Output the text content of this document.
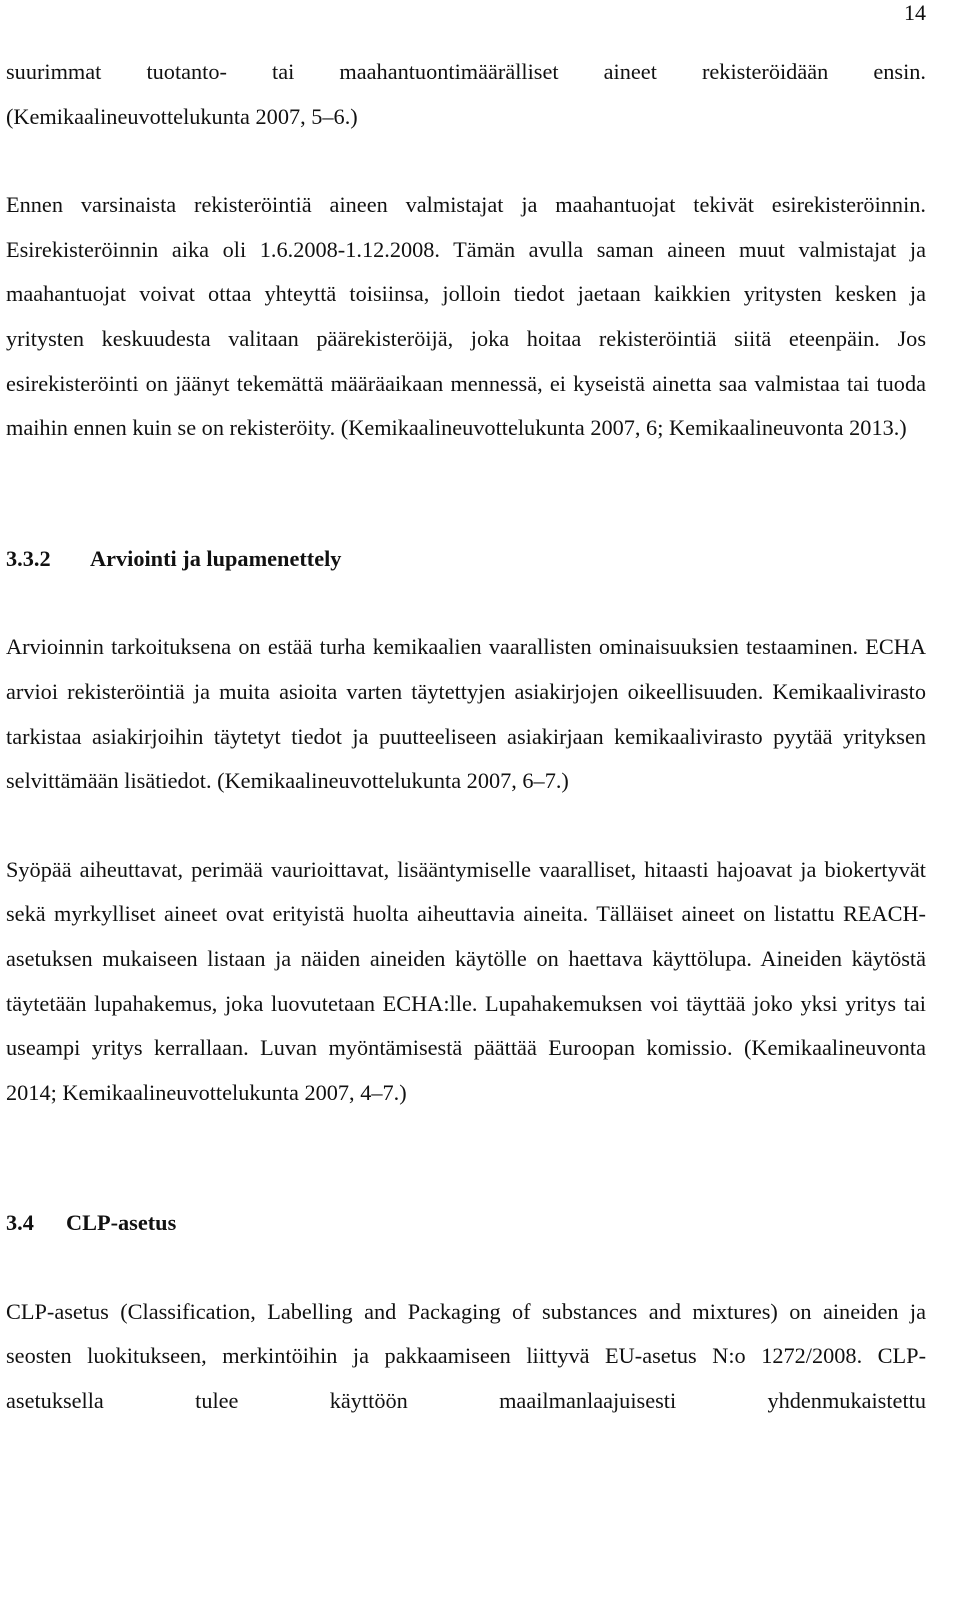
14

suurimmat tuotanto- tai maahantuontimäärälliset aineet rekisteröidään ensin. (Kemikaalineuvottelukunta 2007, 5–6.)

Ennen varsinaista rekisteröintiä aineen valmistajat ja maahantuojat tekivät esirekisteröinnin. Esirekisteröinnin aika oli 1.6.2008-1.12.2008. Tämän avulla saman aineen muut valmistajat ja maahantuojat voivat ottaa yhteyttä toisiinsa, jolloin tiedot jaetaan kaikkien yritysten kesken ja yritysten keskuudesta valitaan päärekisteröijä, joka hoitaa rekisteröintiä siitä eteenpäin. Jos esirekisteröinti on jäänyt tekemättä määräaikaan mennessä, ei kyseistä ainetta saa valmistaa tai tuoda maihin ennen kuin se on rekisteröity. (Kemikaalineuvottelukunta 2007, 6; Kemikaalineuvonta 2013.)

3.3.2	Arviointi ja lupamenettely

Arvioinnin tarkoituksena on estää turha kemikaalien vaarallisten ominaisuuksien testaaminen. ECHA arvioi rekisteröintiä ja muita asioita varten täytettyjen asiakirjojen oikeellisuuden. Kemikaalivirasto tarkistaa asiakirjoihin täytetyt tiedot ja puutteeliseen asiakirjaan kemikaalivirasto pyytää yrityksen selvittämään lisätiedot. (Kemikaalineuvottelukunta 2007, 6–7.)

Syöpää aiheuttavat, perimää vaurioittavat, lisääntymiselle vaaralliset, hitaasti hajoavat ja biokertyvät sekä myrkylliset aineet ovat erityistä huolta aiheuttavia aineita. Tälläiset aineet on listattu REACH-asetuksen mukaiseen listaan ja näiden aineiden käytölle on haettava käyttölupa. Aineiden käytöstä täytetään lupahakemus, joka luovutetaan ECHA:lle. Lupahakemuksen voi täyttää joko yksi yritys tai useampi yritys kerrallaan. Luvan myöntämisestä päättää Euroopan komissio. (Kemikaalineuvonta 2014; Kemikaalineuvottelukunta 2007, 4–7.)

3.4	CLP-asetus

CLP-asetus (Classification, Labelling and Packaging of substances and mixtures) on aineiden ja seosten luokitukseen, merkintöihin ja pakkaamiseen liittyvä EU-asetus N:o 1272/2008. CLP-asetuksella tulee käyttöön maailmanlaajuisesti yhdenmukaistettu
